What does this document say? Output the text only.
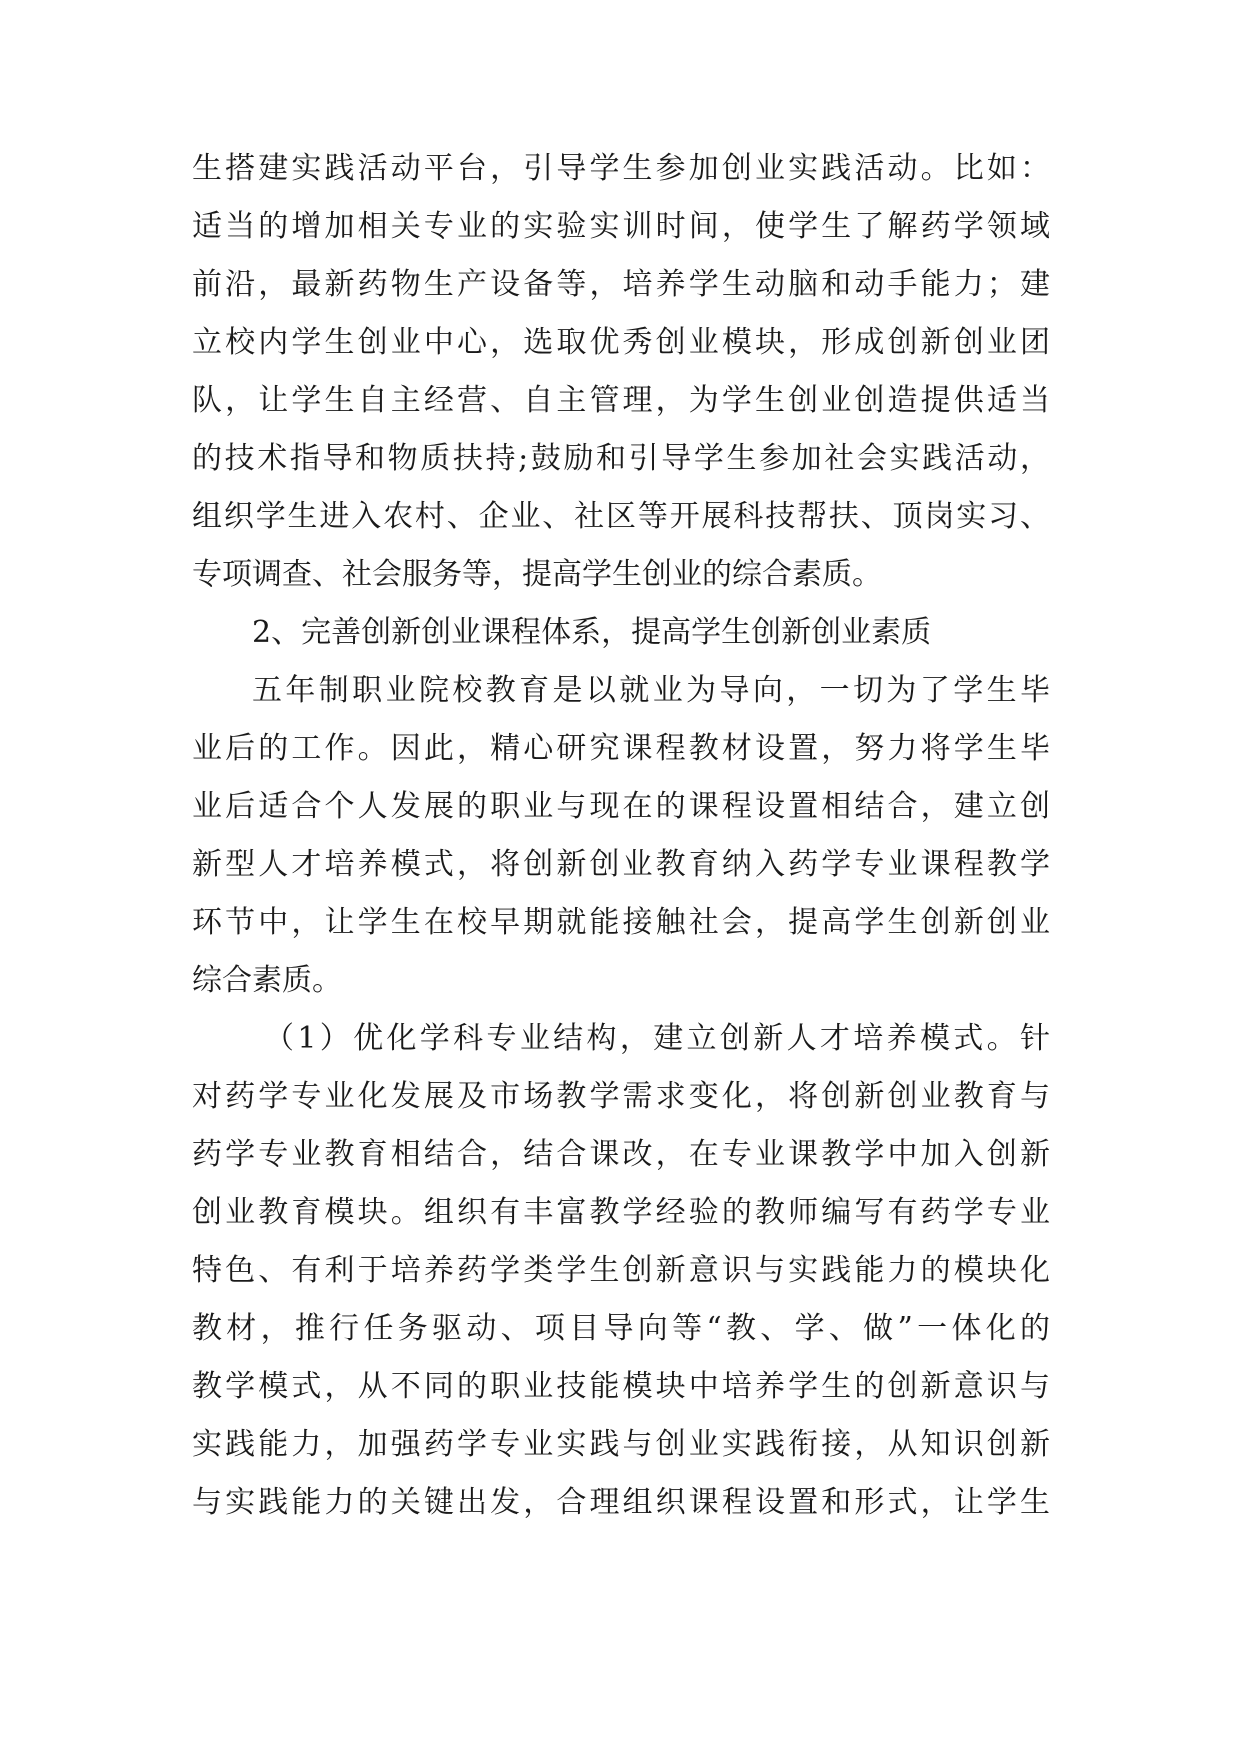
生搭建实践活动平台，引导学生参加创业实践活动。比如：
适当的增加相关专业的实验实训时间，使学生了解药学领域
前沿，最新药物生产设备等，培养学生动脑和动手能力；建
立校内学生创业中心，选取优秀创业模块，形成创新创业团
队，让学生自主经营、自主管理，为学生创业创造提供适当
的技术指导和物质扶持;鼓励和引导学生参加社会实践活动，
组织学生进入农村、企业、社区等开展科技帮扶、顶岗实习、
专项调查、社会服务等，提高学生创业的综合素质。
2、完善创新创业课程体系，提高学生创新创业素质
五年制职业院校教育是以就业为导向，一切为了学生毕
业后的工作。因此，精心研究课程教材设置，努力将学生毕
业后适合个人发展的职业与现在的课程设置相结合，建立创
新型人才培养模式，将创新创业教育纳入药学专业课程教学
环节中，让学生在校早期就能接触社会，提高学生创新创业
综合素质。
（1）优化学科专业结构，建立创新人才培养模式。针
对药学专业化发展及市场教学需求变化，将创新创业教育与
药学专业教育相结合，结合课改，在专业课教学中加入创新
创业教育模块。组织有丰富教学经验的教师编写有药学专业
特色、有利于培养药学类学生创新意识与实践能力的模块化
教材，推行任务驱动、项目导向等“教、学、做”一体化的
教学模式，从不同的职业技能模块中培养学生的创新意识与
实践能力，加强药学专业实践与创业实践衔接，从知识创新
与实践能力的关键出发，合理组织课程设置和形式，让学生
